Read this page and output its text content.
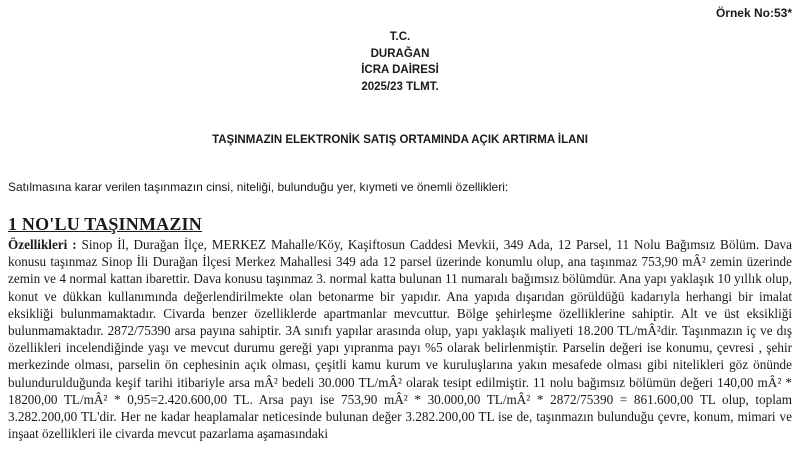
Örnek No:53*
T.C.
DURAĞAN
İCRA DAİRESİ
2025/23 TLMT.
TAŞINMAZIN ELEKTRONİK SATIŞ ORTAMINDA AÇIK ARTIRMA İLANI
Satılmasına karar verilen taşınmazın cinsi, niteliği, bulunduğu yer, kıymeti ve önemli özellikleri:
1 NO'LU TAŞINMAZIN
Özellikleri : Sinop İl, Durağan İlçe, MERKEZ Mahalle/Köy, Kaşiftosun Caddesi Mevkii, 349 Ada, 12 Parsel, 11 Nolu Bağımsız Bölüm. Dava konusu taşınmaz Sinop İli Durağan İlçesi Merkez Mahallesi 349 ada 12 parsel üzerinde konumlu olup, ana taşınmaz 753,90 mÂ² zemin üzerinde zemin ve 4 normal kattan ibarettir. Dava konusu taşınmaz 3. normal katta bulunan 11 numaralı bağımsız bölümdür. Ana yapı yaklaşık 10 yıllık olup, konut ve dükkan kullanımında değerlendirilmekte olan betonarme bir yapıdır. Ana yapıda dışarıdan görüldüğü kadarıyla herhangi bir imalat eksikliği bulunmamaktadır. Civarda benzer özelliklerde apartmanlar mevcuttur. Bölge şehirleşme özelliklerine sahiptir. Alt ve üst eksikliği bulunmamaktadır. 2872/75390 arsa payına sahiptir. 3A sınıfı yapılar arasında olup, yapı yaklaşık maliyeti 18.200 TL/mÂ²dir. Taşınmazın iç ve dış özellikleri incelendiğinde yaşı ve mevcut durumu gereği yapı yıpranma payı %5 olarak belirlenmiştir. Parselin değeri ise konumu, çevresi , şehir merkezinde olması, parselin ön cephesinin açık olması, çeşitli kamu kurum ve kuruluşlarına yakın mesafede olması gibi nitelikleri göz önünde bulundurulduğunda keşif tarihi itibariyle arsa mÂ² bedeli 30.000 TL/mÂ² olarak tesipt edilmiştir. 11 nolu bağımsız bölümün değeri 140,00 mÂ² * 18200,00 TL/mÂ² * 0,95=2.420.600,00 TL. Arsa payı ise 753,90 mÂ² * 30.000,00 TL/mÂ² * 2872/75390 = 861.600,00 TL olup, toplam 3.282.200,00 TL'dir. Her ne kadar heaplamalar neticesinde bulunan değer 3.282.200,00 TL ise de, taşınmazın bulunduğu çevre, konum, mimari ve inşaat özellikleri ile civarda mevcut pazarlama aşamasındaki
